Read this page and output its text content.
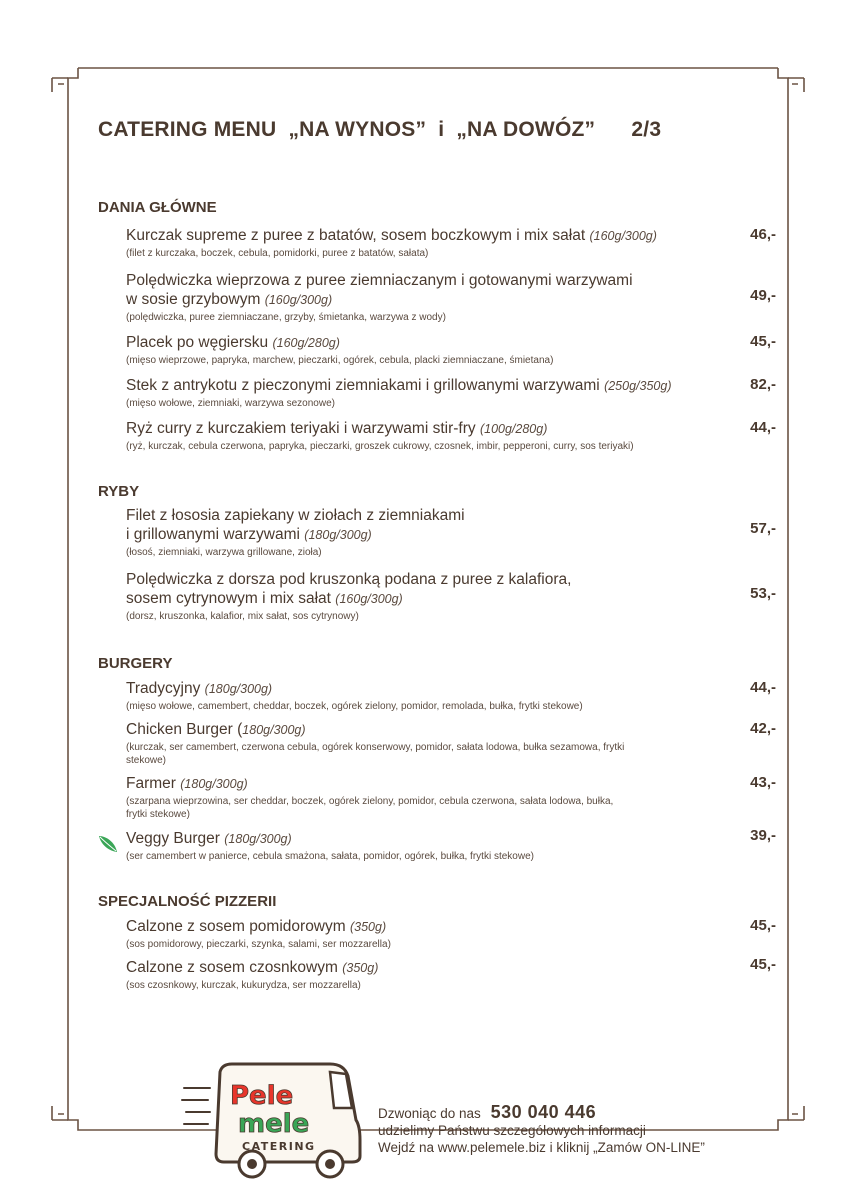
CATERING MENU  „NA WYNOS”  i  „NA DOWÓZ”      2/3
DANIA GŁÓWNE
Kurczak supreme z puree z batatów, sosem boczkowym i mix sałat (160g/300g)
(filet z kurczaka, boczek, cebula, pomidorki, puree z batatów, sałata)
46,-
Polędwiczka wieprzowa z puree ziemniaczanym i gotowanymi warzywami
w sosie grzybowym (160g/300g)
(polędwiczka, puree ziemniaczane, grzyby, śmietanka, warzywa z wody)
49,-
Placek po węgiersku (160g/280g)
(mięso wieprzowe, papryka, marchew, pieczarki, ogórek, cebula, placki ziemniaczane, śmietana)
45,-
Stek z antrykotu z pieczonymi ziemniakami i grillowanymi warzywami (250g/350g)
(mięso wołowe, ziemniaki, warzywa sezonowe)
82,-
Ryż curry z kurczakiem teriyaki i warzywami stir-fry (100g/280g)
(ryż, kurczak, cebula czerwona, papryka, pieczarki, groszek cukrowy, czosnek, imbir, pepperoni, curry, sos teriyaki)
44,-
RYBY
Filet z łososia zapiekany w ziołach z ziemniakami
i grillowanymi warzywami (180g/300g)
(łosoś, ziemniaki, warzywa grillowane, zioła)
57,-
Polędwiczka z dorsza pod kruszonką podana z puree z kalafiora,
sosem cytrynowym i mix sałat (160g/300g)
(dorsz, kruszonka, kalafior, mix sałat, sos cytrynowy)
53,-
BURGERY
Tradycyjny (180g/300g)
(mięso wołowe, camembert, cheddar, boczek, ogórek zielony, pomidor, remolada, bułka, frytki stekowe)
44,-
Chicken Burger (180g/300g)
(kurczak, ser camembert, czerwona cebula, ogórek konserwowy, pomidor, sałata lodowa, bułka sezamowa, frytki stekowe)
42,-
Farmer (180g/300g)
(szarpana wieprzowina, ser cheddar, boczek, ogórek zielony, pomidor, cebula czerwona, sałata lodowa, bułka, frytki stekowe)
43,-
Veggy Burger (180g/300g)
(ser camembert w panierce, cebula smażona, sałata, pomidor, ogórek, bułka, frytki stekowe)
39,-
SPECJALNOŚĆ PIZZERII
Calzone z sosem pomidorowym (350g)
(sos pomidorowy, pieczarki, szynka, salami, ser mozzarella)
45,-
Calzone z sosem czosnkowym (350g)
(sos czosnkowy, kurczak, kukurydza, ser mozzarella)
45,-
Pele
mele
CATERING
Dzwoniąc do nas 530 040 446
udzielimy Państwu szczegółowych informacji
Wejdź na www.pelemele.biz i kliknij „Zamów ON-LINE”
